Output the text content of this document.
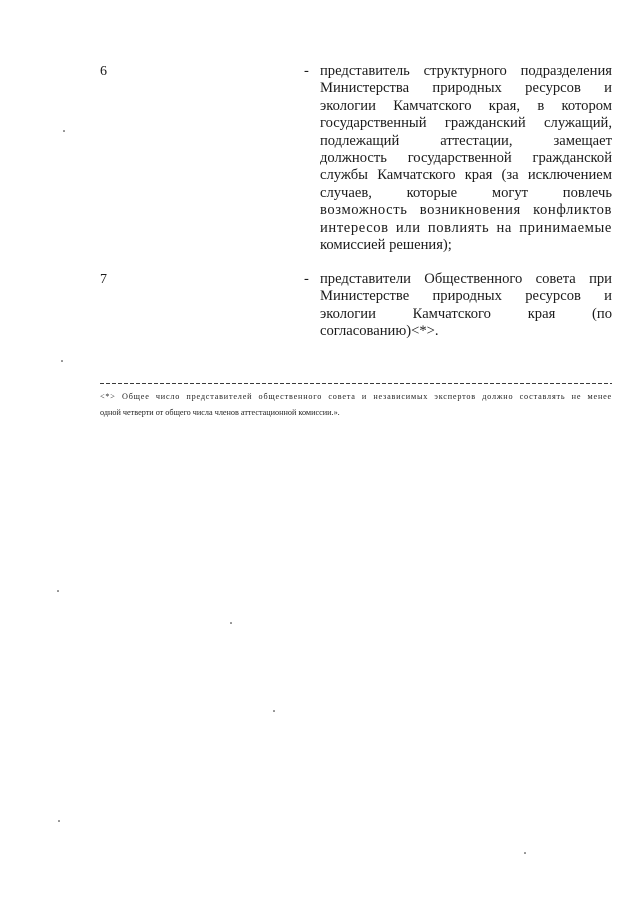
6	- представитель структурного подразделения
Министерства природных ресурсов и
экологии Камчатского края, в котором
государственный гражданский служащий,
подлежащий аттестации, замещает
должность государственной гражданской
службы Камчатского края (за исключением
случаев, которые могут повлечь
возможность возникновения конфликтов
интересов или повлиять на принимаемые
комиссией решения);
7	- представители Общественного совета при
Министерстве природных ресурсов и
экологии Камчатского края (по
согласованию)<*>.
<*> Общее число представителей общественного совета и независимых экспертов должно составлять не менее
одной четверти от общего числа членов аттестационной комиссии.».
